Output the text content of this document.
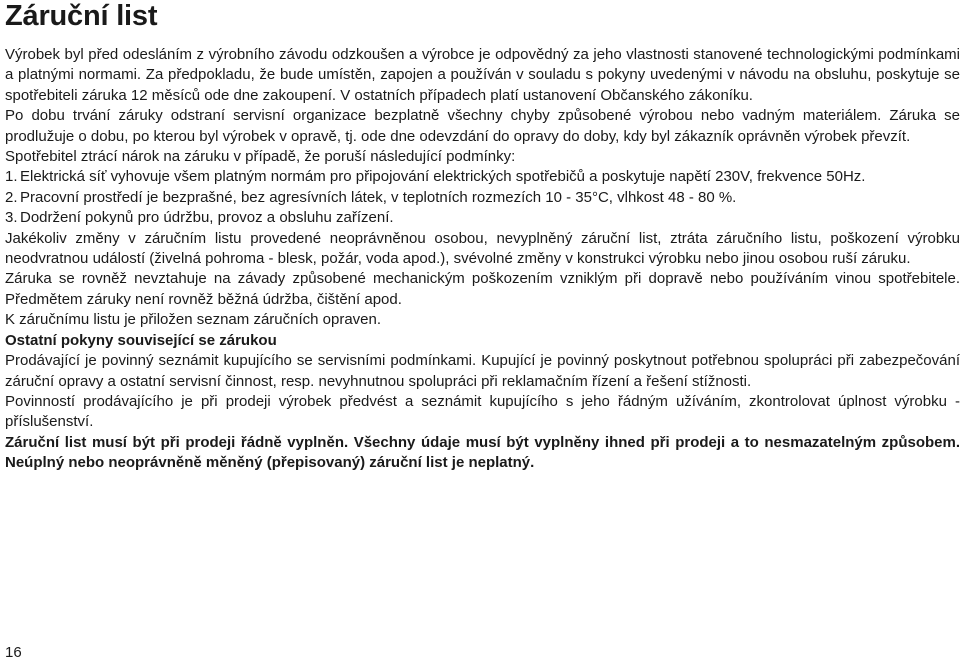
Záruční list

Výrobek byl před odesláním z výrobního závodu odzkoušen a výrobce je odpovědný za jeho vlastnosti stanovené technologickými podmínkami a platnými normami. Za předpokladu, že bude umístěn, zapojen a používán v souladu s pokyny uvedenými v návodu na obsluhu, poskytuje se spotřebiteli záruka 12 měsíců ode dne zakoupení. V ostatních případech platí ustanovení Občanského zákoníku.

Po dobu trvání záruky odstraní servisní organizace bezplatně všechny chyby způsobené výrobou nebo vadným materiálem. Záruka se prodlužuje o dobu, po kterou byl výrobek v opravě, tj. ode dne odevzdání do opravy do doby, kdy byl zákazník oprávněn výrobek převzít.

Spotřebitel ztrácí nárok na záruku v případě, že poruší následující podmínky:

1. Elektrická síť vyhovuje všem platným normám pro připojování elektrických spotřebičů a poskytuje napětí 230V, frekvence 50Hz.

2. Pracovní prostředí je bezprašné, bez agresívních látek, v teplotních rozmezích 10 - 35°C, vlhkost 48 - 80 %.

3. Dodržení pokynů pro údržbu, provoz a obsluhu zařízení.

Jakékoliv změny v záručním listu provedené neoprávněnou osobou, nevyplněný záruční list, ztráta záručního listu, poškození výrobku neodvratnou událostí (živelná pohroma - blesk, požár, voda apod.), svévolné změny v konstrukci výrobku nebo jinou osobou ruší záruku.

Záruka se rovněž nevztahuje na závady způsobené mechanickým poškozením vzniklým při dopravě nebo používáním vinou spotřebitele. Předmětem záruky není rovněž běžná údržba, čištění apod.

K záručnímu listu je přiložen seznam záručních opraven.

Ostatní pokyny související se zárukou

Prodávající je povinný seznámit kupujícího se servisními podmínkami. Kupující je povinný poskytnout potřebnou spolupráci při zabezpečování záruční opravy a ostatní servisní činnost, resp. nevyhnutnou spolupráci při reklamačním řízení a řešení stížnosti.

Povinností prodávajícího je při prodeji výrobek předvést a seznámit kupujícího s jeho řádným užíváním, zkontrolovat úplnost výrobku - příslušenství.

Záruční list musí být při prodeji řádně vyplněn. Všechny údaje musí být vyplněny ihned při prodeji a to nesmazatelným způsobem. Neúplný nebo neoprávněně měněný (přepisovaný) záruční list je neplatný.

16
